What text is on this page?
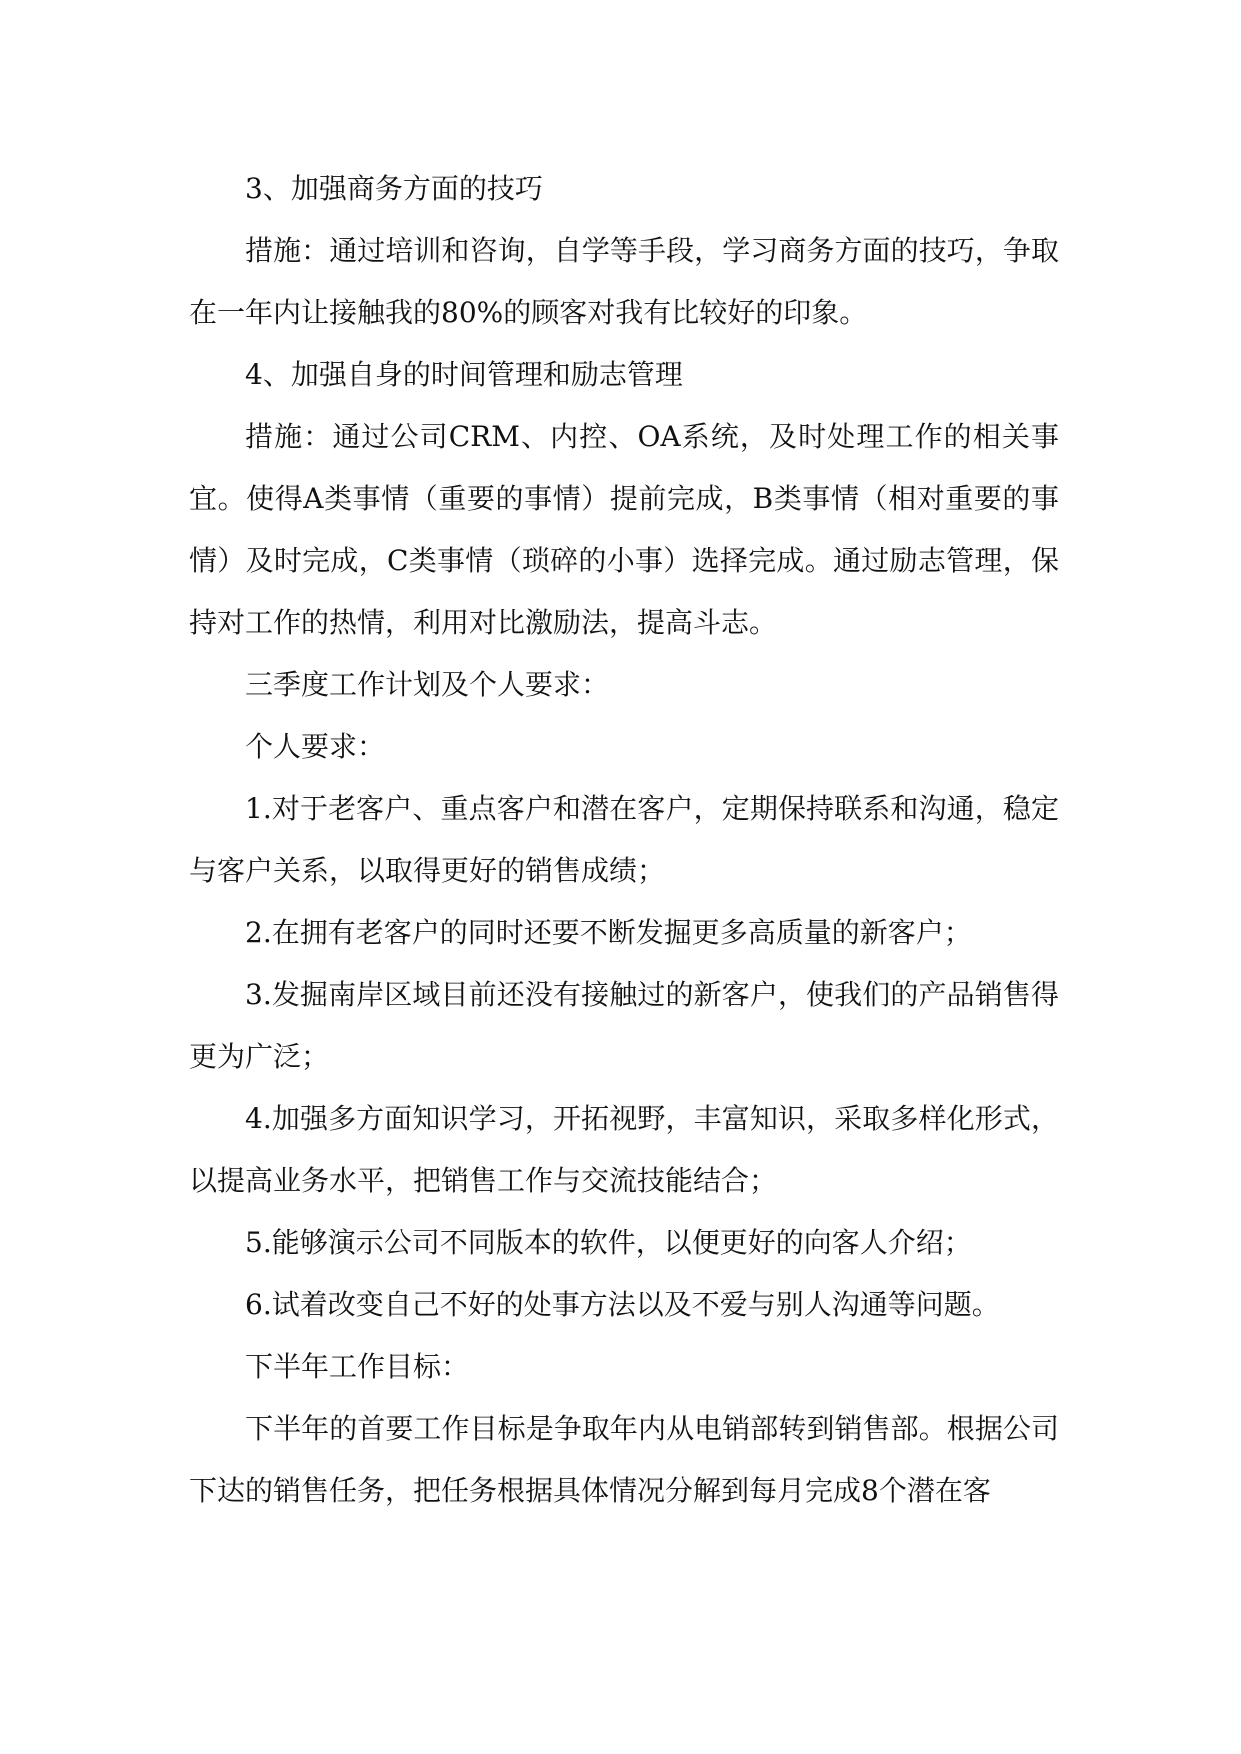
3、加强商务方面的技巧

措施：通过培训和咨询，自学等手段，学习商务方面的技巧，争取在一年内让接触我的80%的顾客对我有比较好的印象。

4、加强自身的时间管理和励志管理

措施：通过公司CRM、内控、OA系统，及时处理工作的相关事宜。使得A类事情（重要的事情）提前完成，B类事情（相对重要的事情）及时完成，C类事情（琐碎的小事）选择完成。通过励志管理，保持对工作的热情，利用对比激励法，提高斗志。

三季度工作计划及个人要求：

个人要求：

1.对于老客户、重点客户和潜在客户，定期保持联系和沟通，稳定与客户关系，以取得更好的销售成绩；

2.在拥有老客户的同时还要不断发掘更多高质量的新客户；

3.发掘南岸区域目前还没有接触过的新客户，使我们的产品销售得更为广泛；

4.加强多方面知识学习，开拓视野，丰富知识，采取多样化形式，以提高业务水平，把销售工作与交流技能结合；

5.能够演示公司不同版本的软件，以便更好的向客人介绍；

6.试着改变自己不好的处事方法以及不爱与别人沟通等问题。

下半年工作目标：

下半年的首要工作目标是争取年内从电销部转到销售部。根据公司下达的销售任务，把任务根据具体情况分解到每月完成8个潜在客
